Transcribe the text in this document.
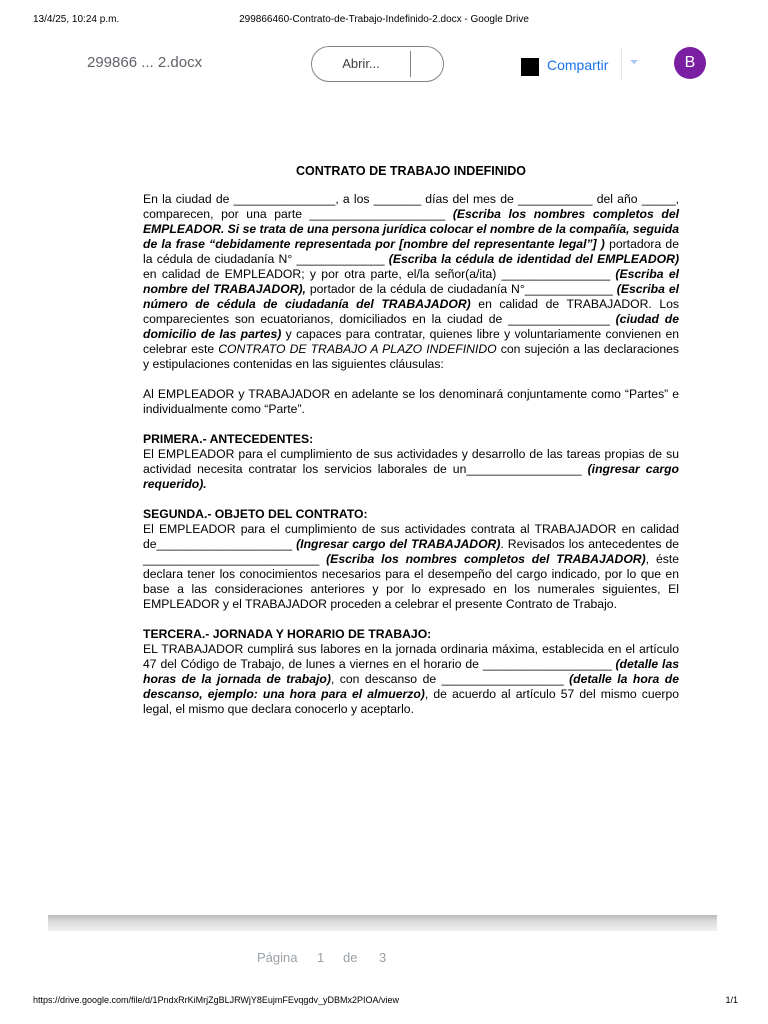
13/4/25, 10:24 p.m.	299866460-Contrato-de-Trabajo-Indefinido-2.docx - Google Drive
299866 ... 2.docx	Abrir...	Compartir	B
CONTRATO DE TRABAJO INDEFINIDO

En la ciudad de _______________, a los _______ días del mes de ___________ del año _____, comparecen, por una parte ____________________ (Escriba los nombres completos del EMPLEADOR. Si se trata de una persona jurídica colocar el nombre de la compañía, seguida de la frase “debidamente representada por [nombre del representante legal”] ) portadora de la cédula de ciudadanía N° _____________ (Escriba la cédula de identidad del EMPLEADOR) en calidad de EMPLEADOR; y por otra parte, el/la señor(a/ita) ________________ (Escriba el nombre del TRABAJADOR), portador de la cédula de ciudadanía N°_____________ (Escriba el número de cédula de ciudadanía del TRABAJADOR) en calidad de TRABAJADOR. Los comparecientes son ecuatorianos, domiciliados en la ciudad de _______________ (ciudad de domicilio de las partes) y capaces para contratar, quienes libre y voluntariamente convienen en celebrar este CONTRATO DE TRABAJO A PLAZO INDEFINIDO con sujeción a las declaraciones y estipulaciones contenidas en las siguientes cláusulas:

Al EMPLEADOR y TRABAJADOR en adelante se los denominará conjuntamente como “Partes” e individualmente como “Parte”.

PRIMERA.- ANTECEDENTES:

El EMPLEADOR para el cumplimiento de sus actividades y desarrollo de las tareas propias de su actividad necesita contratar los servicios laborales de un_________________ (ingresar cargo requerido).

SEGUNDA.- OBJETO DEL CONTRATO:

El EMPLEADOR para el cumplimiento de sus actividades contrata al TRABAJADOR en calidad de____________________ (Ingresar cargo del TRABAJADOR). Revisados los antecedentes de __________________________ (Escriba los nombres completos del TRABAJADOR), éste declara tener los conocimientos necesarios para el desempeño del cargo indicado, por lo que en base a las consideraciones anteriores y por lo expresado en los numerales siguientes, El EMPLEADOR y el TRABAJADOR proceden a celebrar el presente Contrato de Trabajo.

TERCERA.- JORNADA Y HORARIO DE TRABAJO:

EL TRABAJADOR cumplirá sus labores en la jornada ordinaria máxima, establecida en el artículo 47 del Código de Trabajo, de lunes a viernes en el horario de ___________________ (detalle las horas de la jornada de trabajo), con descanso de __________________ (detalle la hora de descanso, ejemplo: una hora para el almuerzo), de acuerdo al artículo 57 del mismo cuerpo legal, el mismo que declara conocerlo y aceptarlo.

Página 1 de 3
https://drive.google.com/file/d/1PndxRrKiMrjZgBLJRWjY8EujmFEvqgdv_yDBMx2PIOA/view	1/1
